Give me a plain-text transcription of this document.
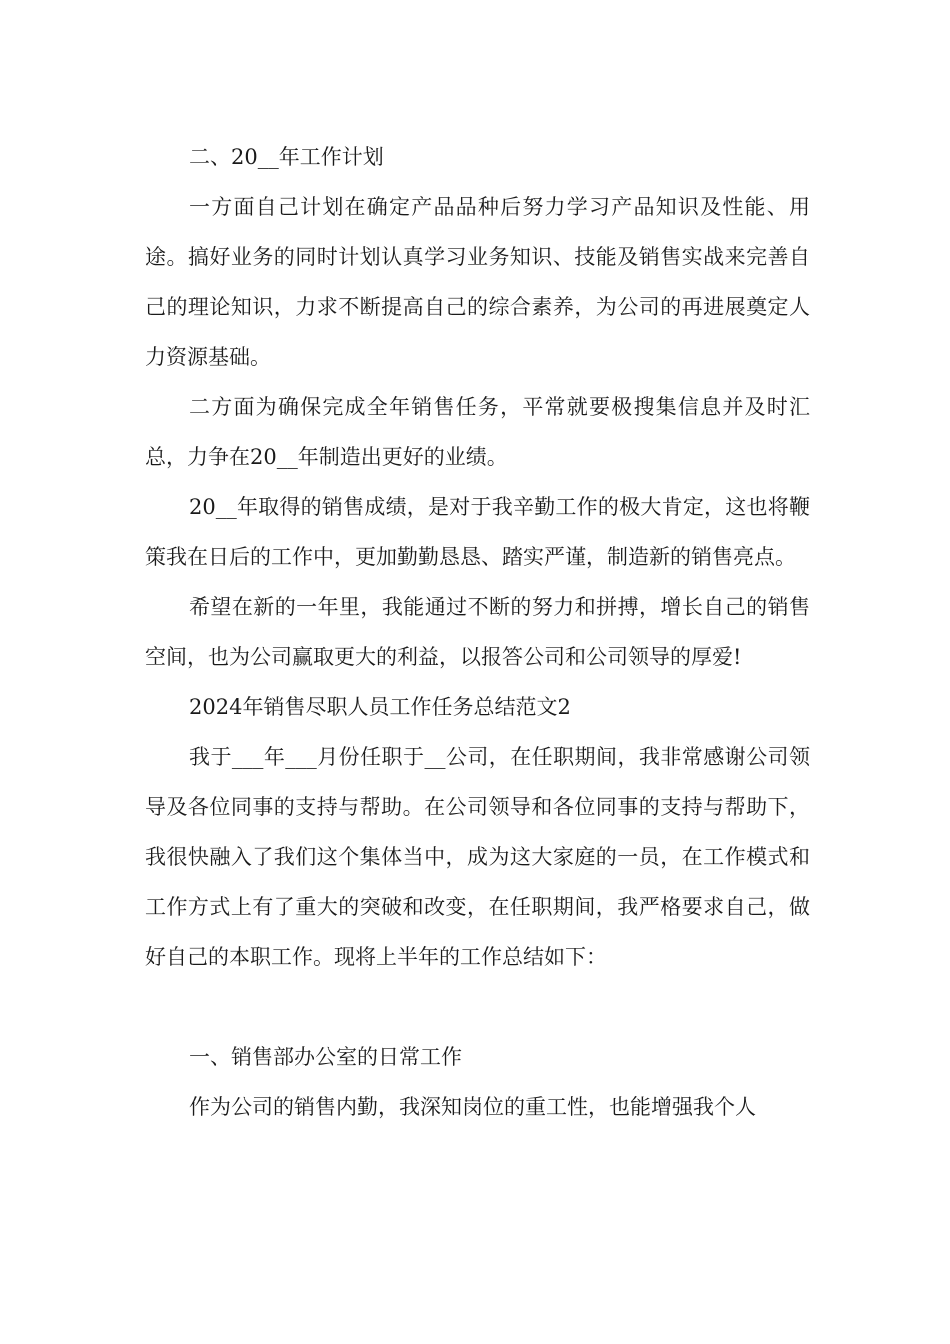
二、20__年工作计划

一方面自己计划在确定产品品种后努力学习产品知识及性能、用途。搞好业务的同时计划认真学习业务知识、技能及销售实战来完善自己的理论知识，力求不断提高自己的综合素养，为公司的再进展奠定人力资源基础。

二方面为确保完成全年销售任务，平常就要极搜集信息并及时汇总，力争在20__年制造出更好的业绩。

20__年取得的销售成绩，是对于我辛勤工作的极大肯定，这也将鞭策我在日后的工作中，更加勤勤恳恳、踏实严谨，制造新的销售亮点。

希望在新的一年里，我能通过不断的努力和拼搏，增长自己的销售空间，也为公司赢取更大的利益，以报答公司和公司领导的厚爱!

2024年销售尽职人员工作任务总结范文2

我于___年___月份任职于__公司，在任职期间，我非常感谢公司领导及各位同事的支持与帮助。在公司领导和各位同事的支持与帮助下，我很快融入了我们这个集体当中，成为这大家庭的一员，在工作模式和工作方式上有了重大的突破和改变，在任职期间，我严格要求自己，做好自己的本职工作。现将上半年的工作总结如下：

一、销售部办公室的日常工作

作为公司的销售内勤，我深知岗位的重工性，也能增强我个人
